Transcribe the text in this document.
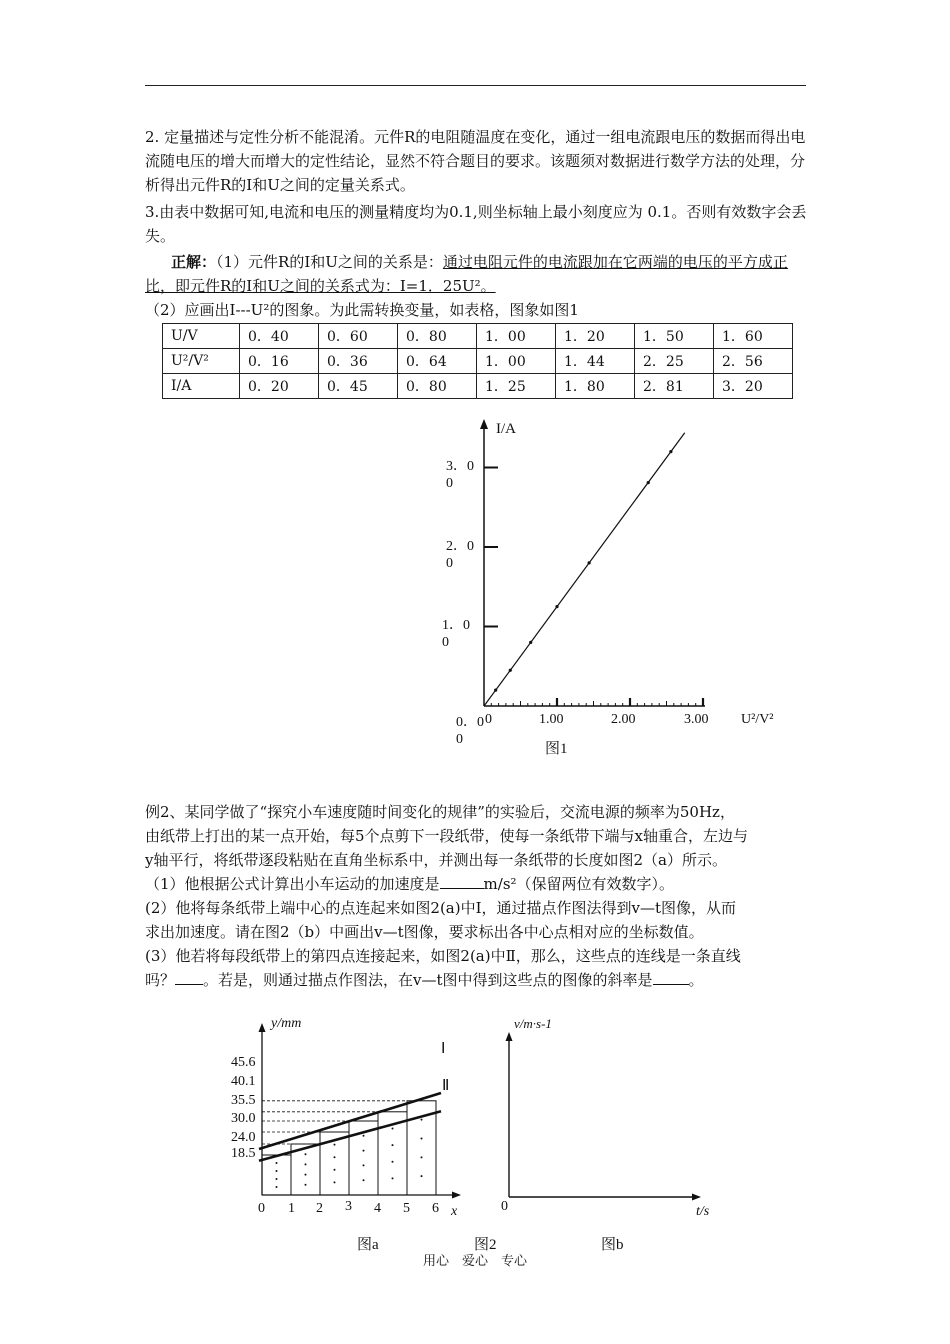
2. 定量描述与定性分析不能混淆。元件R的电阻随温度在变化，通过一组电流跟电压的数据而得出电流随电压的增大而增大的定性结论，显然不符合题目的要求。该题须对数据进行数学方法的处理，分析得出元件R的I和U之间的定量关系式。

3.由表中数据可知,电流和电压的测量精度均为0.1,则坐标轴上最小刻度应为 0.1。否则有效数字会丢失。

正解：（1）元件R的I和U之间的关系是：通过电阻元件的电流跟加在它两端的电压的平方成正比，即元件R的I和U之间的关系式为：I=1．25U²。

（2）应画出I---U²的图象。为此需转换变量，如表格，图象如图1

U/V	0．40	0．60	0．80	1．00	1．20	1．50	1．60
U²/V²	0．16	0．36	0．64	1．00	1．44	2．25	2．56
I/A	0．20	0．45	0．80	1．25	1．80	2．81	3．20
I/A
U²/V²
3．0
0
2．0
0
1．0
0
0．0
0
0	1.00	2.00	3.00
图1

例2、某同学做了“探究小车速度随时间变化的规律”的实验后，交流电源的频率为50Hz，

由纸带上打出的某一点开始，每5个点剪下一段纸带，使每一条纸带下端与x轴重合，左边与

y轴平行，将纸带逐段粘贴在直角坐标系中，并测出每一条纸带的长度如图2（a）所示。

（1）他根据公式计算出小车运动的加速度是	m/s²（保留两位有效数字）。

(2）他将每条纸带上端中心的点连起来如图2(a)中Ⅰ，通过描点作图法得到v—t图像，从而

求出加速度。请在图2（b）中画出v—t图像，要求标出各中心点相对应的坐标数值。

(3）他若将每段纸带上的第四点连接起来，如图2(a)中Ⅱ，那么，这些点的连线是一条直线

吗？ 。若是，则通过描点作图法，在v—t图中得到这些点的图像的斜率是 。

y/mm
45.6
40.1
35.5
30.0
24.0
18.5
0 1 2 3 4 5 6 x
Ⅰ
Ⅱ
图a	图2
v/m·s-1
0	t/s
图b
用心　爱心　专心
